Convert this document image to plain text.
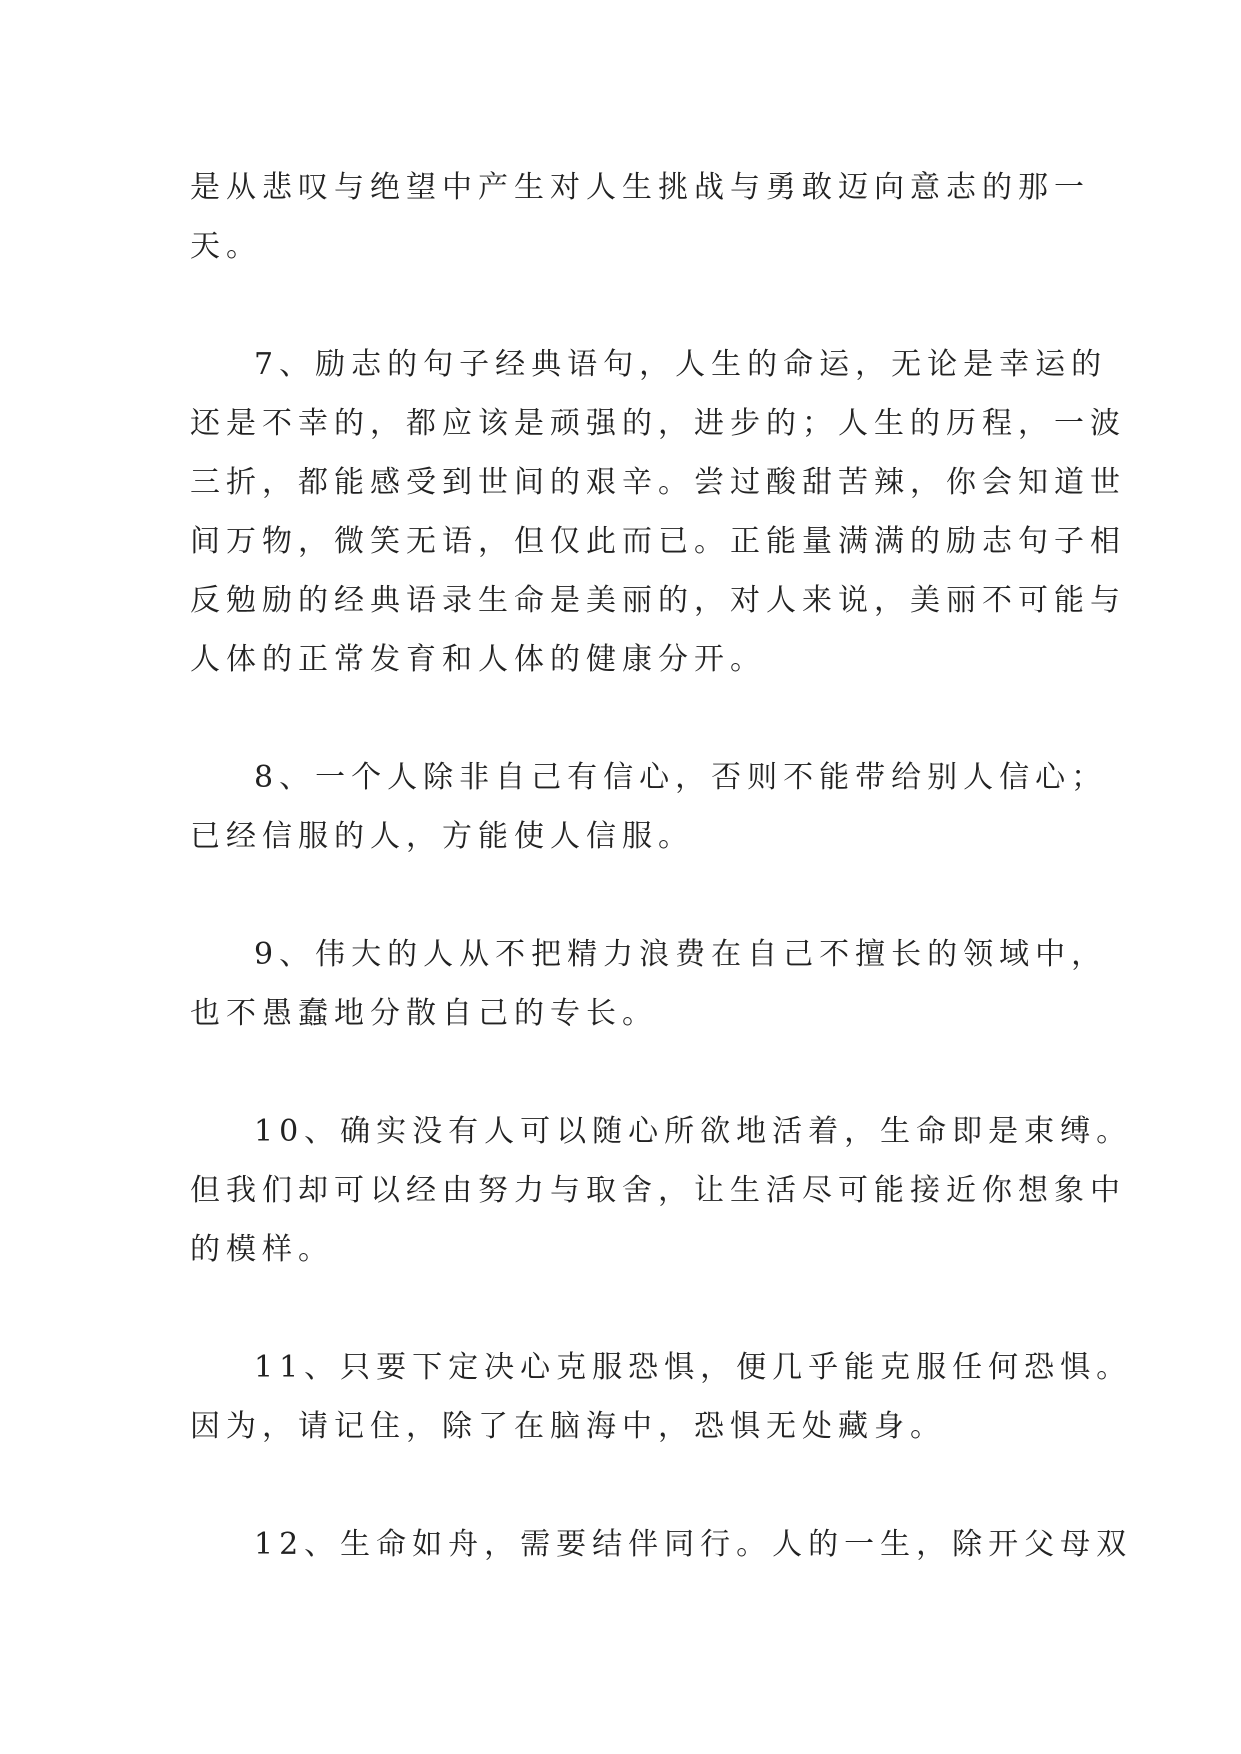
是从悲叹与绝望中产生对人生挑战与勇敢迈向意志的那一
天。

7、励志的句子经典语句，人生的命运，无论是幸运的
还是不幸的，都应该是顽强的，进步的；人生的历程，一波
三折，都能感受到世间的艰辛。尝过酸甜苦辣，你会知道世
间万物，微笑无语，但仅此而已。正能量满满的励志句子相
反勉励的经典语录生命是美丽的，对人来说，美丽不可能与
人体的正常发育和人体的健康分开。

8、一个人除非自己有信心，否则不能带给别人信心；
已经信服的人，方能使人信服。

9、伟大的人从不把精力浪费在自己不擅长的领域中，
也不愚蠢地分散自己的专长。

10、确实没有人可以随心所欲地活着，生命即是束缚。
但我们却可以经由努力与取舍，让生活尽可能接近你想象中
的模样。

11、只要下定决心克服恐惧，便几乎能克服任何恐惧。
因为，请记住，除了在脑海中，恐惧无处藏身。

12、生命如舟，需要结伴同行。人的一生，除开父母双
